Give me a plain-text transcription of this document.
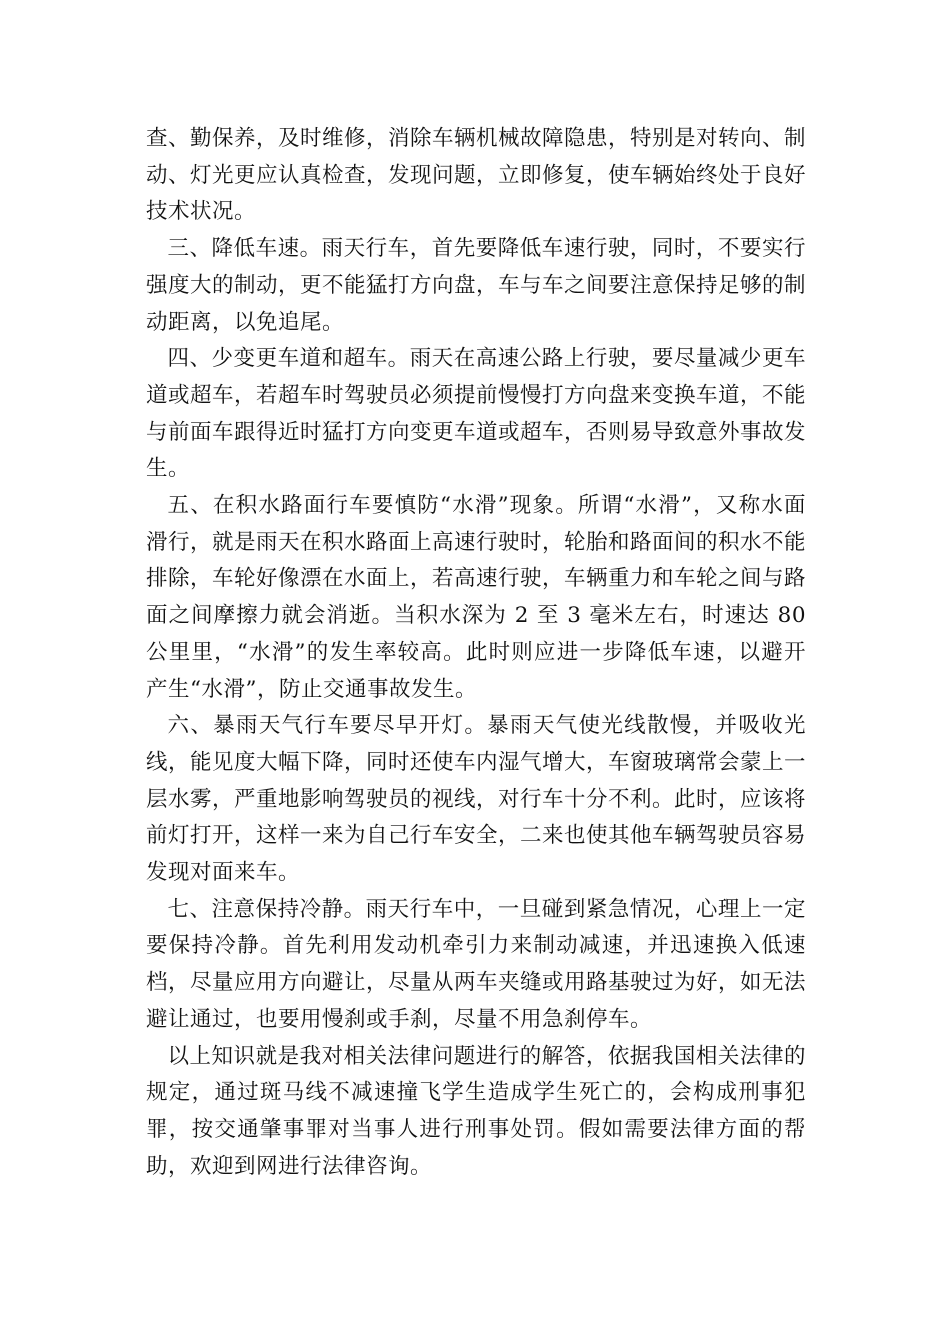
查、勤保养，及时维修，消除车辆机械故障隐患，特别是对转向、制动、灯光更应认真检查，发现问题，立即修复，使车辆始终处于良好技术状况。

三、降低车速。雨天行车，首先要降低车速行驶，同时，不要实行强度大的制动，更不能猛打方向盘，车与车之间要注意保持足够的制动距离，以免追尾。

四、少变更车道和超车。雨天在高速公路上行驶，要尽量减少更车道或超车，若超车时驾驶员必须提前慢慢打方向盘来变换车道，不能与前面车跟得近时猛打方向变更车道或超车，否则易导致意外事故发生。

五、在积水路面行车要慎防“水滑”现象。所谓“水滑”，又称水面滑行，就是雨天在积水路面上高速行驶时，轮胎和路面间的积水不能排除，车轮好像漂在水面上，若高速行驶，车辆重力和车轮之间与路面之间摩擦力就会消逝。当积水深为 2 至 3 毫米左右，时速达 80 公里里，“水滑”的发生率较高。此时则应进一步降低车速，以避开产生“水滑”，防止交通事故发生。

六、暴雨天气行车要尽早开灯。暴雨天气使光线散慢，并吸收光线，能见度大幅下降，同时还使车内湿气增大，车窗玻璃常会蒙上一层水雾，严重地影响驾驶员的视线，对行车十分不利。此时，应该将前灯打开，这样一来为自己行车安全，二来也使其他车辆驾驶员容易发现对面来车。

七、注意保持冷静。雨天行车中，一旦碰到紧急情况，心理上一定要保持冷静。首先利用发动机牵引力来制动减速，并迅速换入低速档，尽量应用方向避让，尽量从两车夹缝或用路基驶过为好，如无法避让通过，也要用慢刹或手刹，尽量不用急刹停车。

以上知识就是我对相关法律问题进行的解答，依据我国相关法律的规定，通过斑马线不减速撞飞学生造成学生死亡的，会构成刑事犯罪，按交通肇事罪对当事人进行刑事处罚。假如需要法律方面的帮助，欢迎到网进行法律咨询。
